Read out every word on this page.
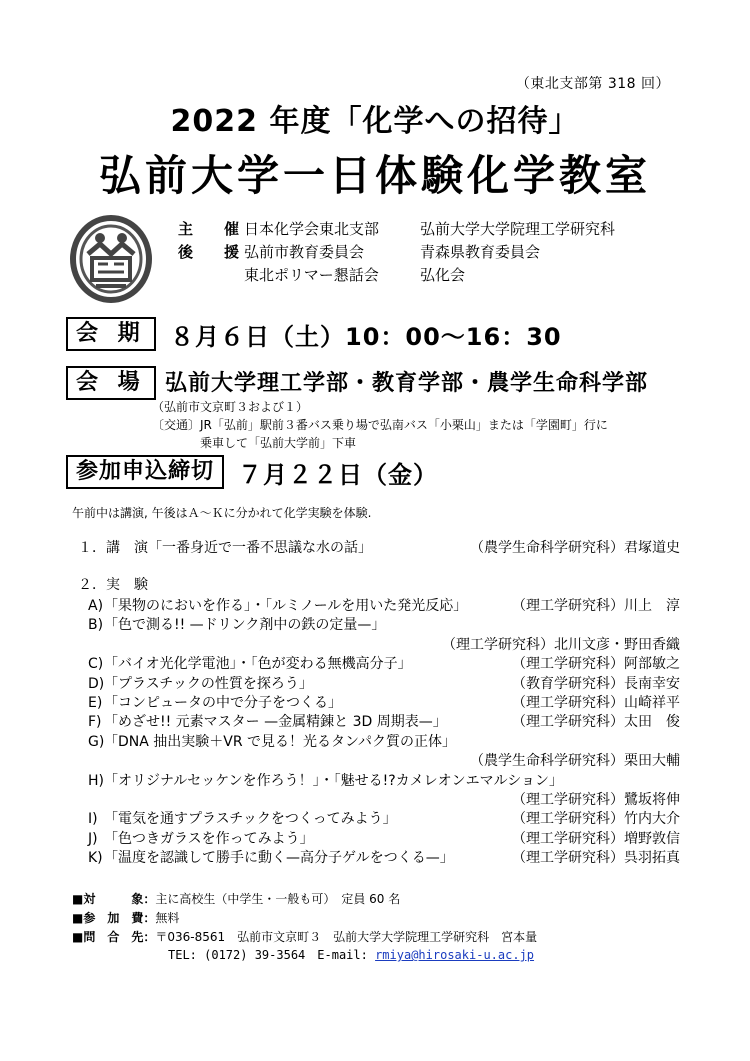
（東北支部第 318 回）
2022 年度「化学への招待」
弘前大学一日体験化学教室
主　催日本化学会東北支部	弘前大学大学院理工学研究科
後　援弘前市教育委員会	青森県教育委員会
東北ポリマー懇話会	弘化会
会 期	８月６日（土）10：00〜16：30
会 場 弘前大学理工学部・教育学部・農学生命科学部
（弘前市文京町３および１）
〔交通〕JR「弘前」駅前３番バス乗り場で弘南バス「小栗山」または「学園町」行に
乗車して「弘前大学前」下車
参加申込締切 ７月２２日（金）
午前中は講演, 午後はＡ〜Ｋに分かれて化学実験を体験.
１．講　演「一番身近で一番不思議な水の話」	（農学生命科学研究科）君塚道史
２．実　験
A)「果物のにおいを作る」・「ルミノールを用いた発光反応」	（理工学研究科）川上　淳
B)「色で測る!! —ドリンク剤中の鉄の定量—」
（理工学研究科）北川文彦・野田香織
C)「バイオ光化学電池」・「色が変わる無機高分子」	（理工学研究科）阿部敏之
D)「プラスチックの性質を探ろう」	（教育学研究科）長南幸安
E) 「コンピュータの中で分子をつくる」	（理工学研究科）山崎祥平
F) 「めざせ!! 元素マスター —金属精錬と 3D 周期表—」	（理工学研究科）太田　俊
G)「DNA 抽出実験＋VR で見る！光るタンパク質の正体」
（農学生命科学研究科）栗田大輔
H)「オリジナルセッケンを作ろう！」・「魅せる!?カメレオンエマルション」
（理工学研究科）鷺坂将伸
I) 「電気を通すプラスチックをつくってみよう」	（理工学研究科）竹内大介
J) 「色つきガラスを作ってみよう」	（理工学研究科）増野敦信
K)「温度を認識して勝手に動く—高分子ゲルをつくる—」	（理工学研究科）呉羽拓真
■対　　　象：主に高校生（中学生・一般も可）　定員 60 名
■参　加　費：無料
■問　合　先：〒036-8561　弘前市文京町３　弘前大学大学院理工学研究科　宮本量
TEL: (0172) 39-3564　E-mail: rmiya@hirosaki-u.ac.jp
